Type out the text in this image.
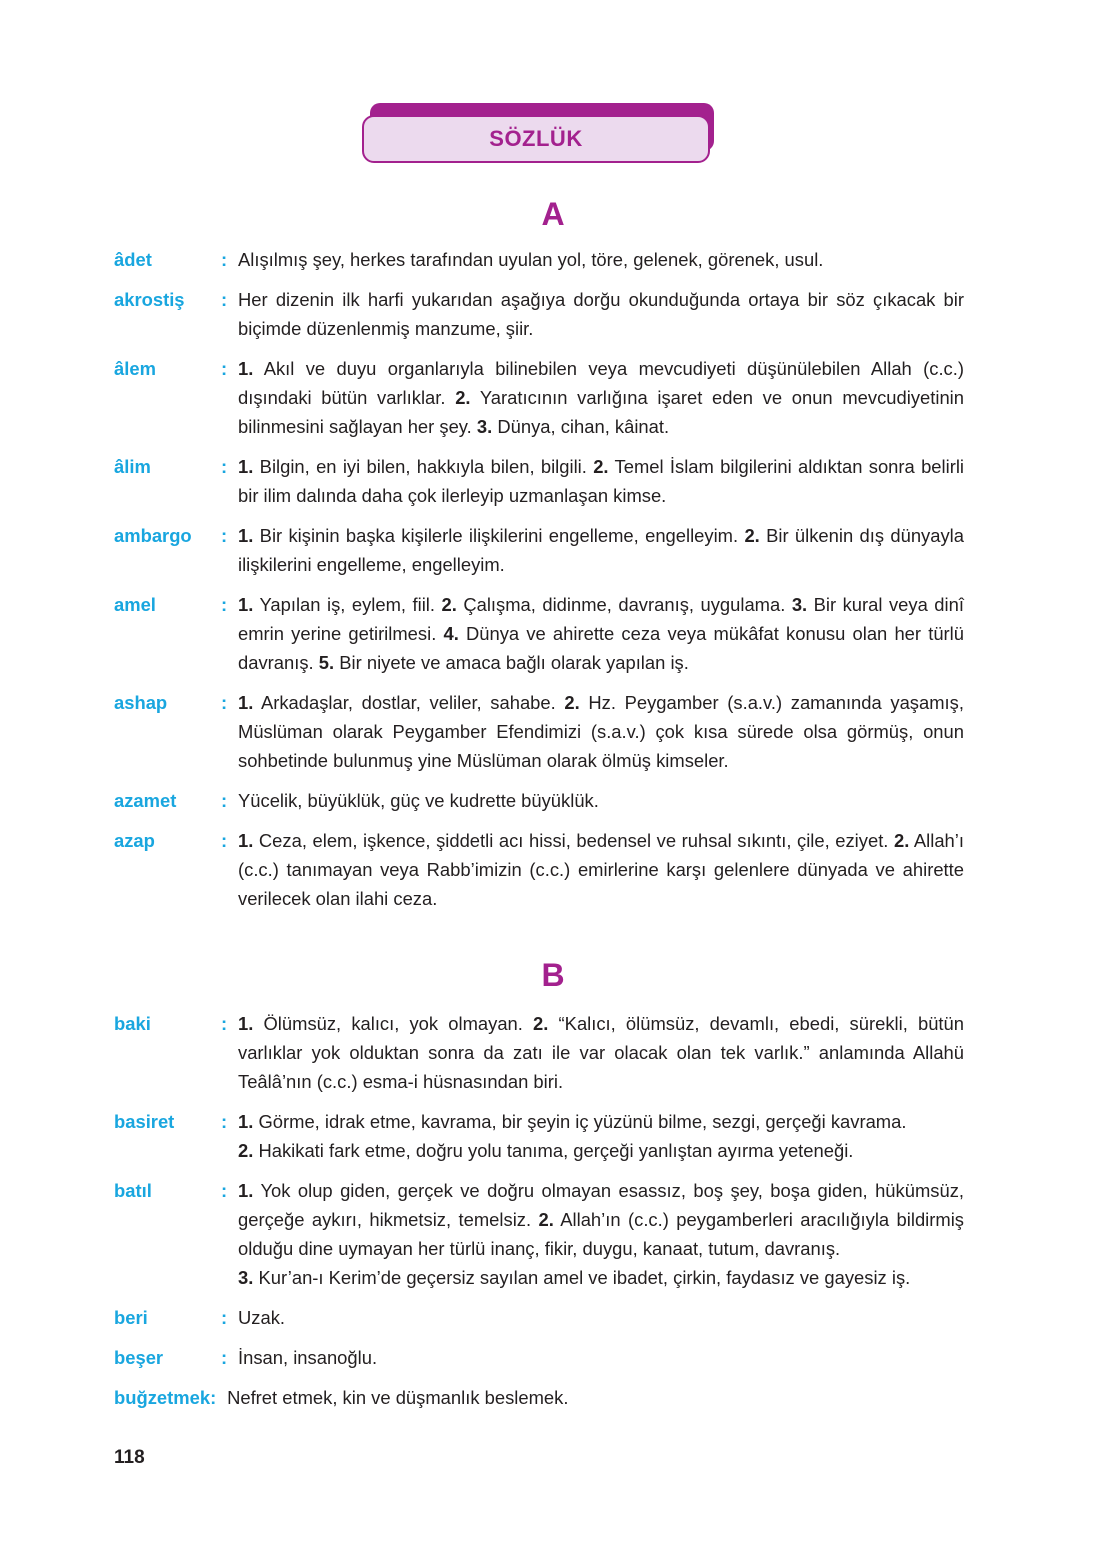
SÖZLÜK
A
âdet	: Alışılmış şey, herkes tarafından uyulan yol, töre, gelenek, görenek, usul.
akrostiş	: Her dizenin ilk harfi yukarıdan aşağıya dorğu okunduğunda ortaya bir söz çıkacak bir biçimde düzenlenmiş manzume, şiir.
âlem	: 1. Akıl ve duyu organlarıyla bilinebilen veya mevcudiyeti düşünülebilen Allah (c.c.) dışındaki bütün varlıklar. 2. Yaratıcının varlığına işaret eden ve onun mevcudiyetinin bilinmesini sağlayan her şey. 3. Dünya, cihan, kâinat.
âlim	: 1. Bilgin, en iyi bilen, hakkıyla bilen, bilgili. 2. Temel İslam bilgilerini aldıktan sonra belirli bir ilim dalında daha çok ilerleyip uzmanlaşan kimse.
ambargo	: 1. Bir kişinin başka kişilerle ilişkilerini engelleme, engelleyim. 2. Bir ülkenin dış dünyayla ilişkilerini engelleme, engelleyim.
amel	: 1. Yapılan iş, eylem, fiil. 2. Çalışma, didinme, davranış, uygulama. 3. Bir kural veya dinî emrin yerine getirilmesi. 4. Dünya ve ahirette ceza veya mükâfat konusu olan her türlü davranış. 5. Bir niyete ve amaca bağlı olarak yapılan iş.
ashap	: 1. Arkadaşlar, dostlar, veliler, sahabe. 2. Hz. Peygamber (s.a.v.) zamanında yaşamış, Müslüman olarak Peygamber Efendimizi (s.a.v.) çok kısa sürede olsa görmüş, onun sohbetinde bulunmuş yine Müslüman olarak ölmüş kimseler.
azamet	: Yücelik, büyüklük, güç ve kudrette büyüklük.
azap	: 1. Ceza, elem, işkence, şiddetli acı hissi, bedensel ve ruhsal sıkıntı, çile, eziyet. 2. Allah’ı (c.c.) tanımayan veya Rabb’imizin (c.c.) emirlerine karşı gelenlere dünyada ve ahirette verilecek olan ilahi ceza.
B
baki	: 1. Ölümsüz, kalıcı, yok olmayan. 2. “Kalıcı, ölümsüz, devamlı, ebedi, sürekli, bütün varlıklar yok olduktan sonra da zatı ile var olacak olan tek varlık.” anlamında Allahü Teâlâ’nın (c.c.) esma-i hüsnasından biri.
basiret	: 1. Görme, idrak etme, kavrama, bir şeyin iç yüzünü bilme, sezgi, gerçeği kavrama.
2. Hakikati fark etme, doğru yolu tanıma, gerçeği yanlıştan ayırma yeteneği.
batıl	: 1. Yok olup giden, gerçek ve doğru olmayan esassız, boş şey, boşa giden, hükümsüz, gerçeğe aykırı, hikmetsiz, temelsiz. 2. Allah’ın (c.c.) peygamberleri aracılığıyla bildirmiş olduğu dine uymayan her türlü inanç, fikir, duygu, kanaat, tutum, davranış.
3. Kur’an-ı Kerim’de geçersiz sayılan amel ve ibadet, çirkin, faydasız ve gayesiz iş.
beri	: Uzak.
beşer	: İnsan, insanoğlu.
buğzetmek : Nefret etmek, kin ve düşmanlık beslemek.
118
